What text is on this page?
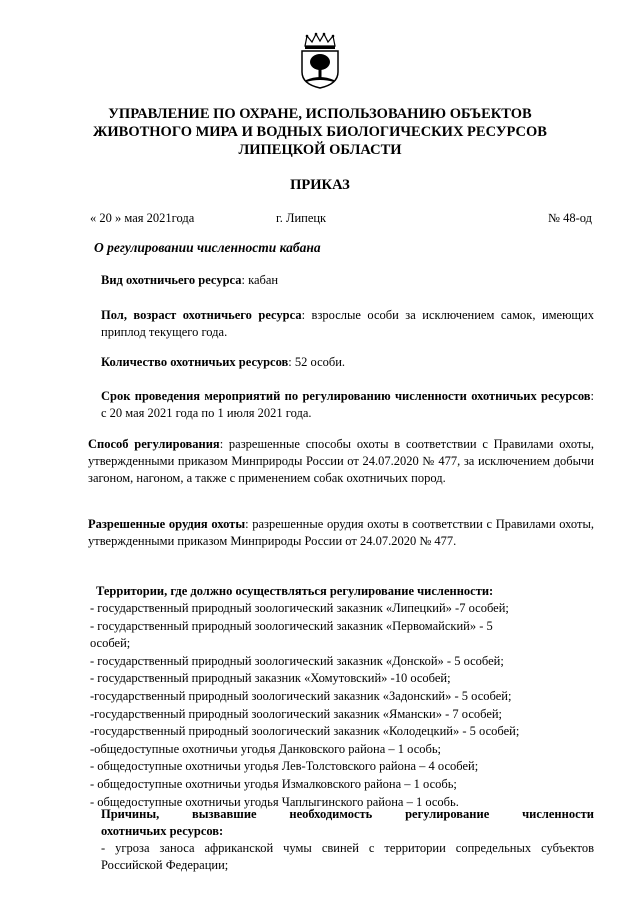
УПРАВЛЕНИЕ ПО ОХРАНЕ, ИСПОЛЬЗОВАНИЮ ОБЪЕКТОВ
ЖИВОТНОГО МИРА И ВОДНЫХ БИОЛОГИЧЕСКИХ РЕСУРСОВ
ЛИПЕЦКОЙ ОБЛАСТИ
ПРИКАЗ
« 20 » мая 2021года	г. Липецк	№ 48-од
О регулировании численности кабана
Вид охотничьего ресурса: кабан
Пол, возраст охотничьего ресурса: взрослые особи за исключением самок, имеющих приплод текущего года.
Количество охотничьих ресурсов: 52 особи.
Срок проведения мероприятий по регулированию численности охотничьих ресурсов: с 20 мая 2021 года по 1 июля 2021 года.
Способ регулирования: разрешенные способы охоты в соответствии с Правилами охоты, утвержденными приказом Минприроды России от 24.07.2020 № 477, за исключением добычи загоном, нагоном, а также с применением собак охотничьих пород.
Разрешенные орудия охоты: разрешенные орудия охоты в соответствии с Правилами охоты, утвержденными приказом Минприроды России от 24.07.2020 № 477.
Территории, где должно осуществляться регулирование численности:
- государственный природный зоологический заказник «Липецкий» -7 особей;
- государственный природный зоологический заказник «Первомайский» - 5
особей;
- государственный природный зоологический заказник «Донской» - 5 особей;
- государственный природный заказник «Хомутовский» -10 особей;
-государственный природный зоологический заказник «Задонский» - 5 особей;
-государственный природный зоологический заказник «Ямански» - 7 особей;
-государственный природный зоологический заказник «Колодецкий» - 5 особей;
-общедоступные охотничьи угодья Данковского района – 1 особь;
- общедоступные охотничьи угодья Лев-Толстовского района – 4 особей;
- общедоступные охотничьи угодья Измалковского района – 1 особь;
- общедоступные охотничьи угодья Чаплыгинского района – 1 особь.
Причины,	вызвавшие	необходимость	регулирование	численности
охотничьих ресурсов:
- угроза заноса африканской чумы свиней с территории сопредельных субъектов Российской Федерации;
